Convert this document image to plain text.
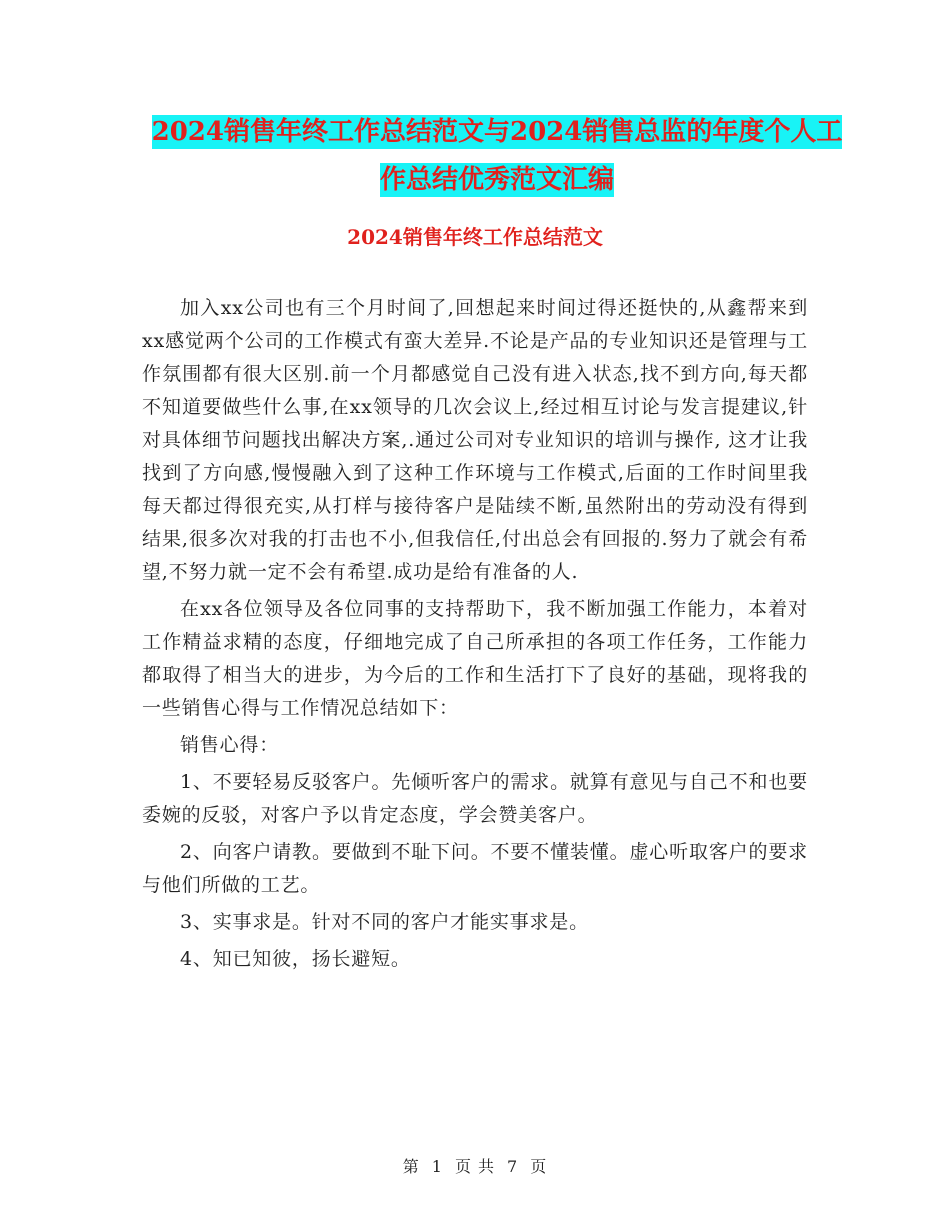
2024销售年终工作总结范文与2024销售总监的年度个人工作总结优秀范文汇编
2024销售年终工作总结范文

加入xx公司也有三个月时间了,回想起来时间过得还挺快的,从鑫帮来到xx感觉两个公司的工作模式有蛮大差异.不论是产品的专业知识还是管理与工作氛围都有很大区别.前一个月都感觉自己没有进入状态,找不到方向,每天都不知道要做些什么事,在xx领导的几次会议上,经过相互讨论与发言提建议,针对具体细节问题找出解决方案,.通过公司对专业知识的培训与操作, 这才让我找到了方向感,慢慢融入到了这种工作环境与工作模式,后面的工作时间里我每天都过得很充实,从打样与接待客户是陆续不断,虽然附出的劳动没有得到结果,很多次对我的打击也不小,但我信任,付出总会有回报的.努力了就会有希望,不努力就一定不会有希望.成功是给有准备的人.

在xx各位领导及各位同事的支持帮助下，我不断加强工作能力，本着对工作精益求精的态度，仔细地完成了自己所承担的各项工作任务，工作能力都取得了相当大的进步，为今后的工作和生活打下了良好的基础，现将我的一些销售心得与工作情况总结如下：

销售心得：

1、不要轻易反驳客户。先倾听客户的需求。就算有意见与自己不和也要委婉的反驳，对客户予以肯定态度，学会赞美客户。

2、向客户请教。要做到不耻下问。不要不懂装懂。虚心听取客户的要求与他们所做的工艺。

3、实事求是。针对不同的客户才能实事求是。

4、知已知彼，扬长避短。

第 1 页 共 7 页
